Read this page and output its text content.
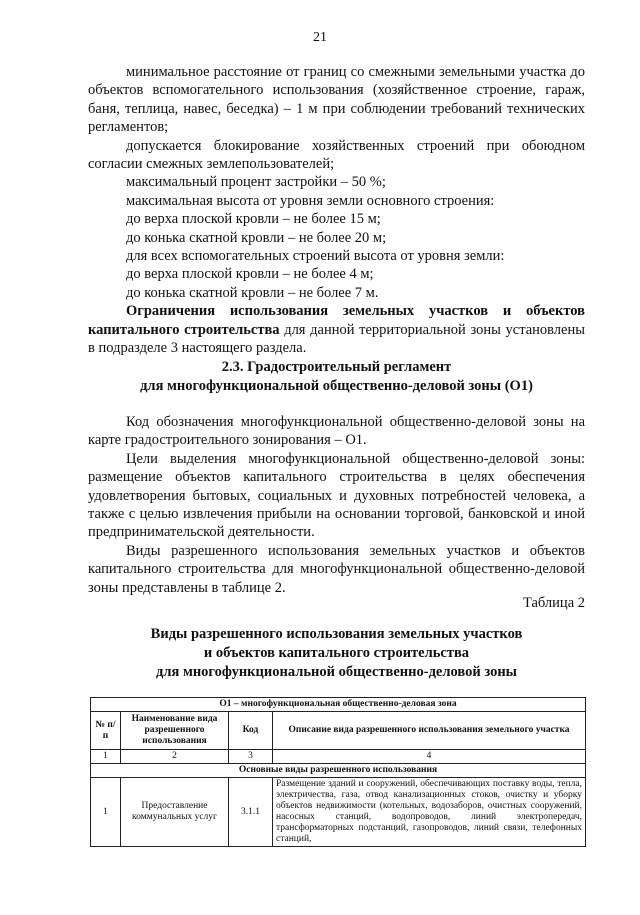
21

минимальное расстояние от границ со смежными земельными участка до объектов вспомогательного использования (хозяйственное строение, гараж, баня, теплица, навес, беседка) – 1 м при соблюдении требований технических регламентов;

допускается блокирование хозяйственных строений при обоюдном согласии смежных землепользователей;

максимальный процент застройки – 50 %;

максимальная высота от уровня земли основного строения:

до верха плоской кровли – не более 15 м;

до конька скатной кровли – не более 20 м;

для всех вспомогательных строений высота от уровня земли:

до верха плоской кровли – не более 4 м;

до конька скатной кровли – не более 7 м.

Ограничения использования земельных участков и объектов капитального строительства для данной территориальной зоны установлены в подразделе 3 настоящего раздела.

2.3. Градостроительный регламент
для многофункциональной общественно-деловой зоны (О1)

Код обозначения многофункциональной общественно-деловой зоны на карте градостроительного зонирования – О1.

Цели выделения многофункциональной общественно-деловой зоны: размещение объектов капитального строительства в целях обеспечения удовлетворения бытовых, социальных и духовных потребностей человека, а также с целью извлечения прибыли на основании торговой, банковской и иной предпринимательской деятельности.

Виды разрешенного использования земельных участков и объектов капитального строительства для многофункциональной общественно-деловой зоны представлены в таблице 2.

Таблица 2
Виды разрешенного использования земельных участков
и объектов капитального строительства
для многофункциональной общественно-деловой зоны
О1 – многофункциональная общественно-деловая зона			
№ п/п	Наименование вида разрешенного использования	Код	Описание вида разрешенного использования земельного участка
1	2	3	4
Основные виды разрешенного использования			
1	Предоставление коммунальных услуг	3.1.1	Размещение зданий и сооружений, обеспечивающих поставку воды, тепла, электричества, газа, отвод канализационных стоков, очистку и уборку объектов недвижимости (котельных, водозаборов, очистных сооружений, насосных станций, водопроводов, линий электропередач, трансформаторных подстанций, газопроводов, линий связи, телефонных станций,
